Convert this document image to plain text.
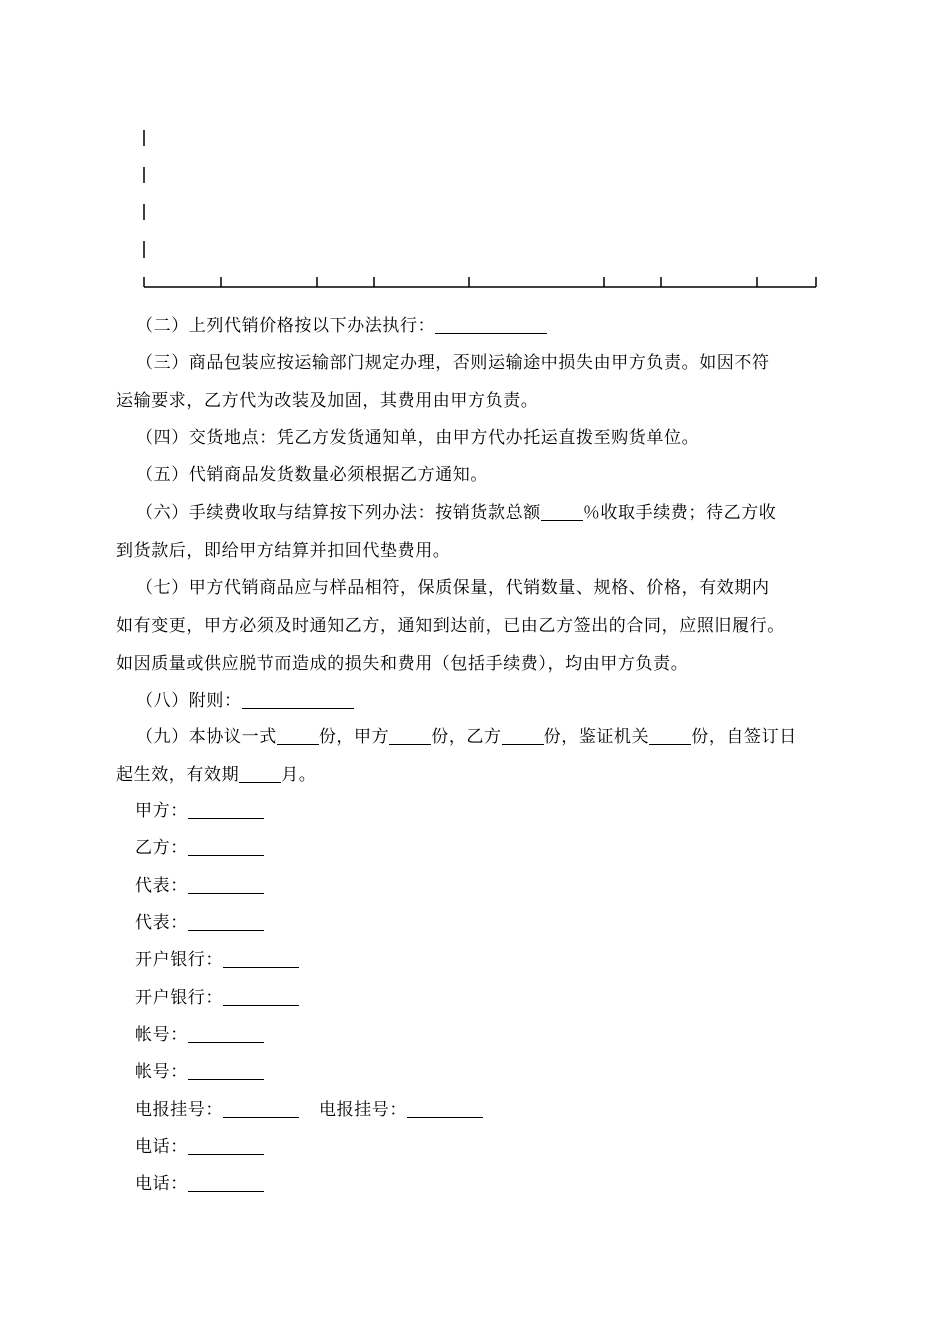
（二）上列代销价格按以下办法执行：
（三）商品包装应按运输部门规定办理，否则运输途中损失由甲方负责。如因不符
运输要求，乙方代为改装及加固，其费用由甲方负责。
（四）交货地点：凭乙方发货通知单，由甲方代办托运直拨至购货单位。
（五）代销商品发货数量必须根据乙方通知。
（六）手续费收取与结算按下列办法：按销货款总额 ％收取手续费；待乙方收
到货款后，即给甲方结算并扣回代垫费用。
（七）甲方代销商品应与样品相符，保质保量，代销数量、规格、价格，有效期内
如有变更，甲方必须及时通知乙方，通知到达前，已由乙方签出的合同，应照旧履行。
如因质量或供应脱节而造成的损失和费用（包括手续费），均由甲方负责。
（八）附则：
（九）本协议一式 份，甲方 份，乙方 份，鉴证机关 份，自签订日
起生效，有效期 月。
甲方：
乙方：
代表：
代表：
开户银行：
开户银行：
帐号：
帐号：
电报挂号：	电报挂号：
电话：
电话：
